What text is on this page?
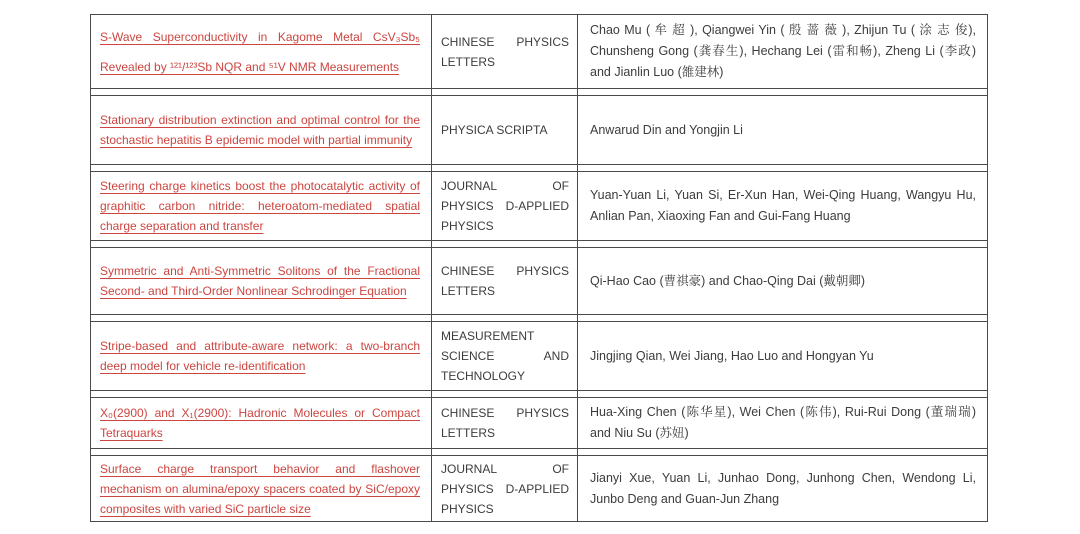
S-Wave Superconductivity in Kagome Metal CsV₃Sb₅ Revealed by ¹²¹/¹²³Sb NQR and ⁵¹V NMR Measurements
CHINESE PHYSICS LETTERS
Chao Mu ( 牟 超 ), Qiangwei Yin ( 殷 蔷 薇 ), Zhijun Tu ( 涂 志 俊), Chunsheng Gong (龚春生), Hechang Lei (雷和畅), Zheng Li (李政) and Jianlin Luo (雒建林)
Stationary distribution extinction and optimal control for the stochastic hepatitis B epidemic model with partial immunity
PHYSICA SCRIPTA	Anwarud Din and Yongjin Li
Steering charge kinetics boost the photocatalytic activity of graphitic carbon nitride: heteroatom-mediated spatial charge separation and transfer
JOURNAL OF PHYSICS D-APPLIED PHYSICS
Yuan-Yuan Li, Yuan Si, Er-Xun Han, Wei-Qing Huang, Wangyu Hu, Anlian Pan, Xiaoxing Fan and Gui-Fang Huang
Symmetric and Anti-Symmetric Solitons of the Fractional Second- and Third-Order Nonlinear Schrodinger Equation
CHINESE PHYSICS LETTERS
Qi-Hao Cao (曹祺豪) and Chao-Qing Dai (戴朝卿)
Stripe-based and attribute-aware network: a two-branch deep model for vehicle re-identification
MEASUREMENT SCIENCE AND TECHNOLOGY
Jingjing Qian, Wei Jiang, Hao Luo and Hongyan Yu
X₀(2900) and X₁(2900): Hadronic Molecules or Compact Tetraquarks
CHINESE PHYSICS LETTERS
Hua-Xing Chen (陈华星), Wei Chen (陈伟), Rui-Rui Dong (董瑞瑞) and Niu Su (苏妞)
Surface charge transport behavior and flashover mechanism on alumina/epoxy spacers coated by SiC/epoxy composites with varied SiC particle size
JOURNAL OF PHYSICS D-APPLIED PHYSICS
Jianyi Xue, Yuan Li, Junhao Dong, Junhong Chen, Wendong Li, Junbo Deng and Guan-Jun Zhang
